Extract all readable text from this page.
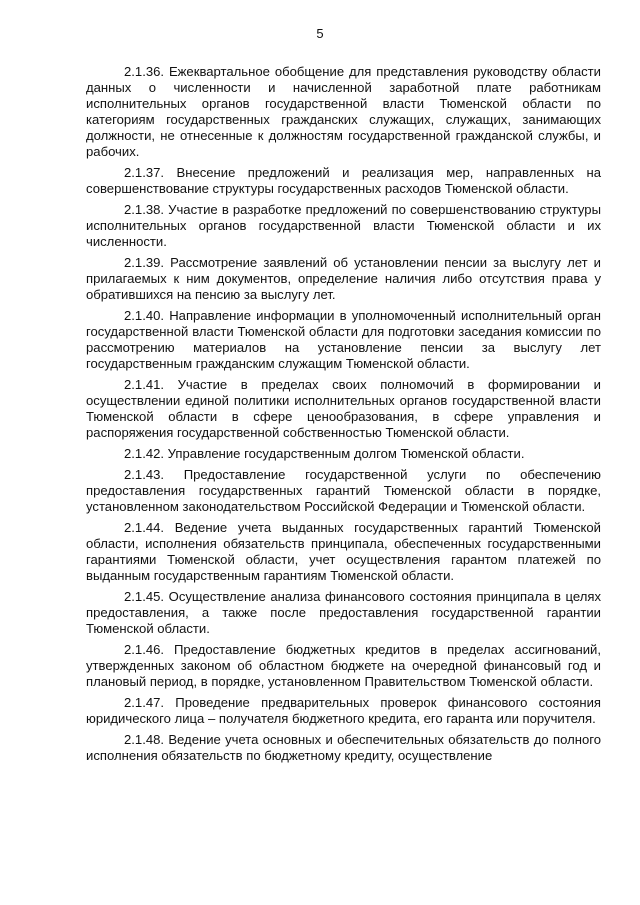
5

2.1.36. Ежеквартальное обобщение для представления руководству области данных о численности и начисленной заработной плате работникам исполнительных органов государственной власти Тюменской области по категориям государственных гражданских служащих, служащих, занимающих должности, не отнесенные к должностям государственной гражданской службы, и рабочих.

2.1.37. Внесение предложений и реализация мер, направленных на совершенствование структуры государственных расходов Тюменской области.

2.1.38. Участие в разработке предложений по совершенствованию структуры исполнительных органов государственной власти Тюменской области и их численности.

2.1.39. Рассмотрение заявлений об установлении пенсии за выслугу лет и прилагаемых к ним документов, определение наличия либо отсутствия права у обратившихся на пенсию за выслугу лет.

2.1.40. Направление информации в уполномоченный исполнительный орган государственной власти Тюменской области для подготовки заседания комиссии по рассмотрению материалов на установление пенсии за выслугу лет государственным гражданским служащим Тюменской области.

2.1.41. Участие в пределах своих полномочий в формировании и осуществлении единой политики исполнительных органов государственной власти Тюменской области в сфере ценообразования, в сфере управления и распоряжения государственной собственностью Тюменской области.

2.1.42. Управление государственным долгом Тюменской области.

2.1.43. Предоставление государственной услуги по обеспечению предоставления государственных гарантий Тюменской области в порядке, установленном законодательством Российской Федерации и Тюменской области.

2.1.44. Ведение учета выданных государственных гарантий Тюменской области, исполнения обязательств принципала, обеспеченных государственными гарантиями Тюменской области, учет осуществления гарантом платежей по выданным государственным гарантиям Тюменской области.

2.1.45. Осуществление анализа финансового состояния принципала в целях предоставления, а также после предоставления государственной гарантии Тюменской области.

2.1.46. Предоставление бюджетных кредитов в пределах ассигнований, утвержденных законом об областном бюджете на очередной финансовый год и плановый период, в порядке, установленном Правительством Тюменской области.

2.1.47. Проведение предварительных проверок финансового состояния юридического лица – получателя бюджетного кредита, его гаранта или поручителя.

2.1.48. Ведение учета основных и обеспечительных обязательств до полного исполнения обязательств по бюджетному кредиту, осуществление
